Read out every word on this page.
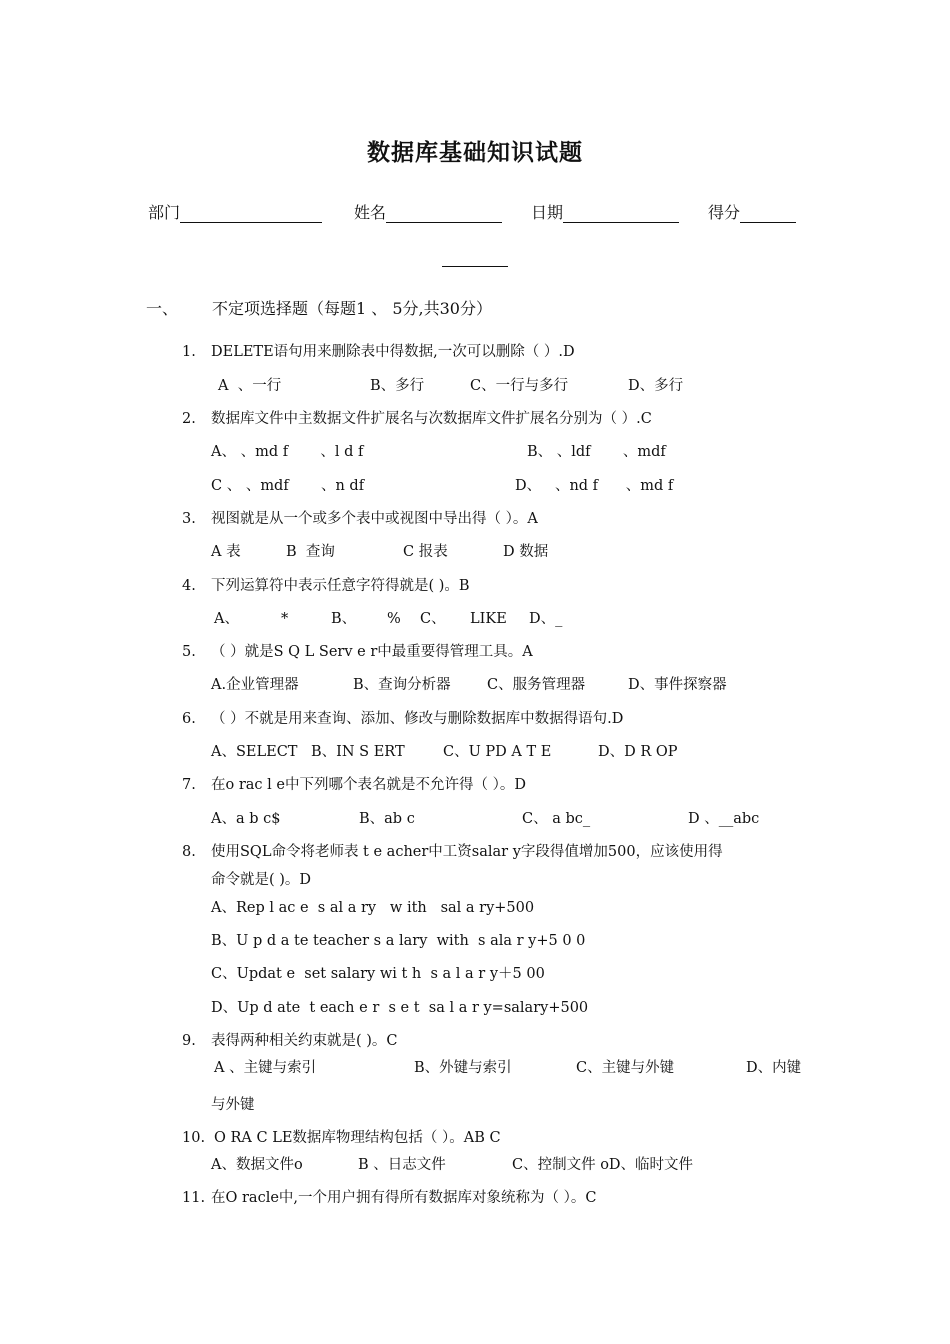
数据库基础知识试题
部门	姓名	日期	得分
一、 不定项选择题（每题1 、 5分,共30分）
1. DELETE语句用来删除表中得数据,一次可以删除（ ）.D
A  、一行	B、多行	C、一行与多行	D、多行
2. 数据库文件中主数据文件扩展名与次数据库文件扩展名分别为（ ）.C
A、 、md f       、l d f	B、 、ldf       、mdf
C 、 、mdf       、n df	D、   、nd f      、md f
3. 视图就是从一个或多个表中或视图中导出得（ ）。A
A 表	B  查询	C 报表	D 数据
4. 下列运算符中表示任意字符得就是( )。B
A、	*	B、 % C、 LIKE D、_
5. （ ）就是S Q L Serv e r中最重要得管理工具。A
A.企业管理器	B、查询分析器	C、服务管理器	D、事件探察器
6. （ ）不就是用来查询、添加、修改与删除数据库中数据得语句.D
A、SELECT B、IN S ERT	C、U PD A T E	D、D R OP
7. 在o rac l e中下列哪个表名就是不允许得（ ）。D
A、a b c$	B、ab c	C、 a bc_	D 、__abc
8. 使用SQL命令将老师表 t e acher中工资salar y字段得值增加500，应该使用得
命令就是( )。D
A、Rep l ac e  s al a ry   w ith   sal a ry+500
B、U p d a te teacher s a lary  with  s ala r y+5 0 0
C、Updat e  set salary wi t h  s a l a r y＋5 00
D、Up d ate  t each e r  s e t  sa l a r y=salary+500
9. 表得两种相关约束就是( )。C
A 、主键与索引	B、外键与索引	C、主键与外键	D、内键
与外键
10. O RA C LE数据库物理结构包括（ ）。AB C
A、数据文件o	B 、日志文件	C、控制文件 oD、临时文件
11. 在O racle中,一个用户拥有得所有数据库对象统称为（ ）。C
